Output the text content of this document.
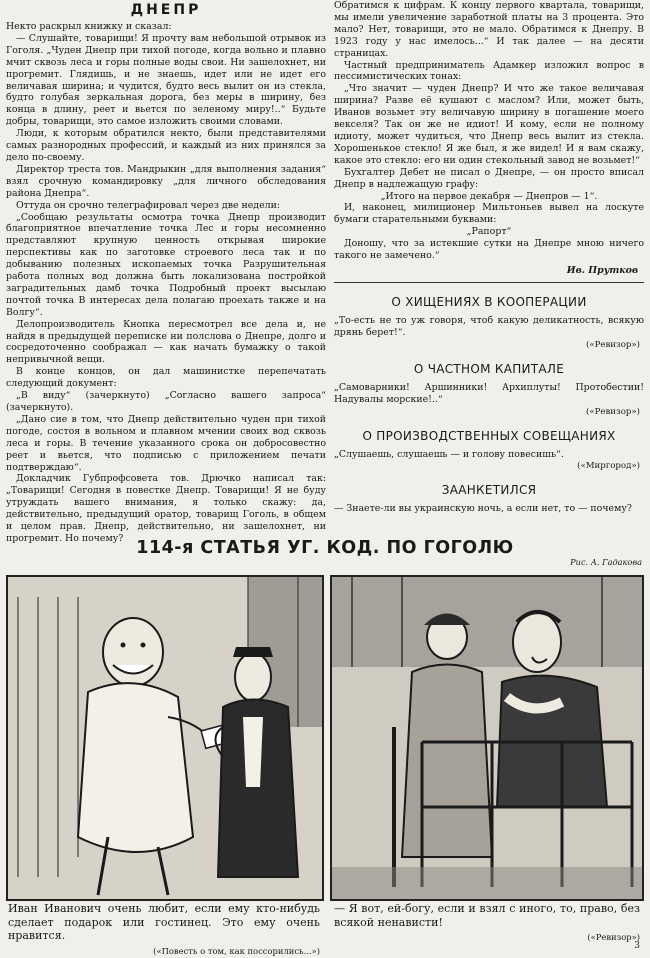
ДНЕПР

Некто раскрыл книжку и сказал:

— Слушайте, товарищи! Я прочту вам небольшой отрывок из Гоголя. „Чуден Днепр при тихой погоде, когда вольно и плавно мчит сквозь леса и горы полные воды свои. Ни зашелохнет, ни прогремит. Глядишь, и не знаешь, идет или не идет его величавая ширина; и чудится, будто весь вылит он из стекла, будто голубая зеркальная дорога, без меры в ширину, без конца в длину, реет и вьется по зеленому миру!..“ Будьте добры, товарищи, это самое изложить своими словами.

Люди, к которым обратился некто, были представителями самых разнородных профессий, и каждый из них принялся за дело по-своему.

Директор треста тов. Мандрыкин „для выполнения задания“ взял срочную командировку „для личного обследования района Днепра“.

Оттуда он срочно телеграфировал через две недели:

„Сообщаю результаты осмотра точка Днепр производит благоприятное впечатление точка Лес и горы несомненно представляют крупную ценность открывая широкие перспективы как по заготовке строевого леса так и по добыванию полезных ископаемых точка Разрушительная работа полных вод должна быть локализована постройкой заградительных дамб точка Подробный проект высылаю почтой точка В интересах дела полагаю проехать также и на Волгу“.

Делопроизводитель Кнопка пересмотрел все дела и, не найдя в предыдущей переписке ни полслова о Днепре, долго и сосредоточенно соображал — как начать бумажку о такой непривычной вещи.

В конце концов, он дал машинистке перепечатать следующий документ:

„В виду“ (зачеркнуто) „Согласно вашего запроса“ (зачеркнуто).

„Дано сие в том, что Днепр действительно чуден при тихой погоде, состоя в вольном и плавном мчении своих вод сквозь леса и горы. В течение указанного срока он добросовестно реет и вьется, что подписью с приложением печати подтверждаю“.

Докладчик Губпрофсовета тов. Дрючко написал так: „Товарищи! Сегодня в повестке Днепр. Товарищи! Я не буду утруждать вашего внимания, я только скажу: да, действительно, предыдущий оратор, товарищ Гоголь, в общем и целом прав. Днепр, действительно, ни зашелохнет, ни прогремит. Но почему?

Обратимся к цифрам. К концу первого квартала, товарищи, мы имели увеличение заработной платы на 3 процента. Это мало? Нет, товарищи, это не мало. Обратимся к Днепру. В 1923 году у нас имелось...“ И так далее — на десяти страницах.

Частный предприниматель Адамкер изложил вопрос в пессимистических тонах:

„Что значит — чуден Днепр? И что же такое величавая ширина? Разве её кушают с маслом? Или, может быть, Иванов возьмет эту величавую ширину в погашение моего векселя? Так он же не идиот! И кому, если не полному идиоту, может чудиться, что Днепр весь вылит из стекла. Хорошенькое стекло! Я же был, я же видел! И я вам скажу, какое это стекло: его ни один стекольный завод не возьмет!“

Бухгалтер Дебет не писал о Днепре, — он просто вписал Днепр в надлежащую графу:

„Итого на первое декабря — Днепров — 1“.

И, наконец, милиционер Мильтоньев вывел на лоскуте бумаги старательными буквами:

„Рапорт“

Доношу, что за истекшие сутки на Днепре мною ничего такого не замечено.“

Ив. Прутков
О ХИЩЕНИЯХ В КООПЕРАЦИИ

„То-есть не то уж говоря, чтоб какую деликатность, всякую дрянь берет!“.

(«Ревизор»)
О ЧАСТНОМ КАПИТАЛЕ

„Самоварники! Аршинники! Архиплуты! Протобестии! Надувалы морские!..“

(«Ревизор»)
О ПРОИЗВОДСТВЕННЫХ СОВЕЩАНИЯХ

„Слушаешь, слушаешь — и голову повесишь“.

(«Миргород»)
ЗААНКЕТИЛСЯ

— Знаете-ли вы украинскую ночь, а если нет, то — почему?

114-я СТАТЬЯ УГ. КОД. ПО ГОГОЛЮ
Рис. А. Гадакова
Иван Иванович очень любит, если ему кто-нибудь сделает подарок или гостинец. Это ему очень нравится.
(«Повесть о том, как поссорились...»)
— Я вот, ей-богу, если и взял с иного, то, право, без всякой ненависти!
(«Ревизор»)
3
